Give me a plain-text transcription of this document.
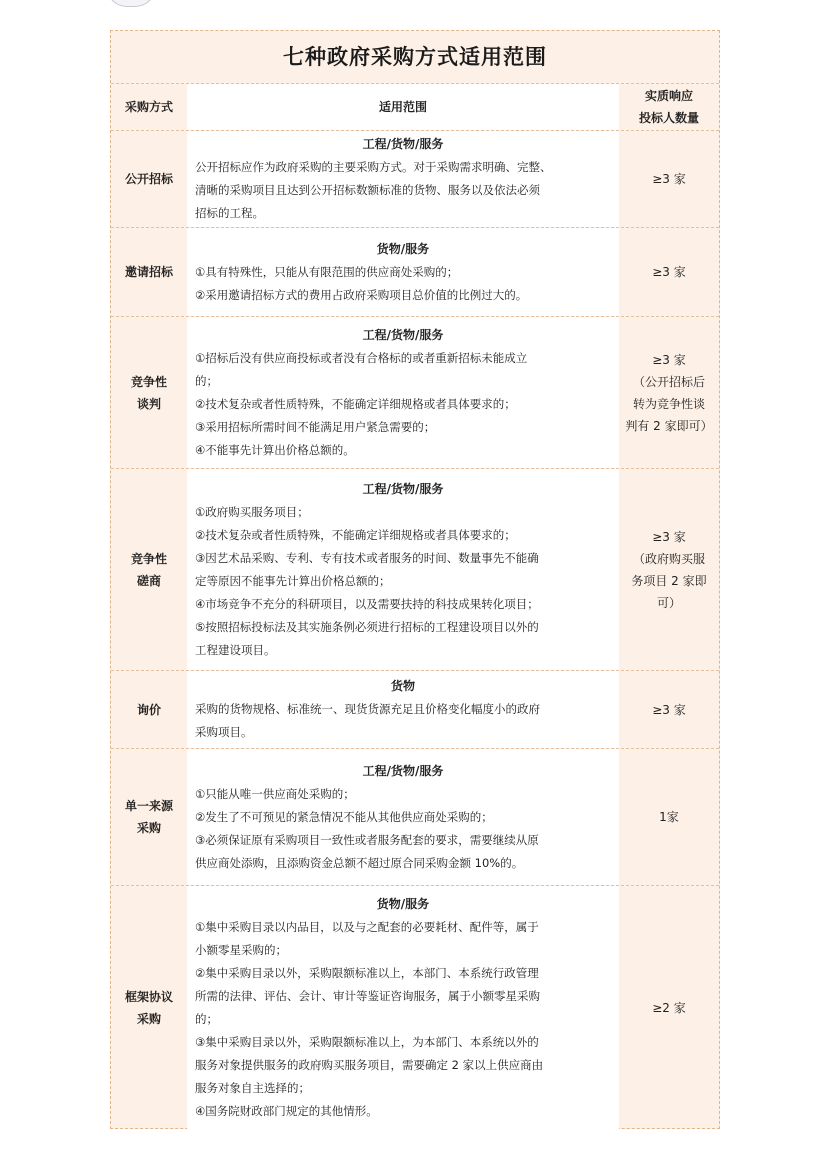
七种政府采购方式适用范围
采购方式	适用范围
实质响应
投标人数量
公开招标
工程/货物/服务
公开招标应作为政府采购的主要采购方式。对于采购需求明确、完整、
清晰的采购项目且达到公开招标数额标准的货物、服务以及依法必须
招标的工程。
≥3 家
邀请招标
货物/服务
①具有特殊性，只能从有限范围的供应商处采购的；
②采用邀请招标方式的费用占政府采购项目总价值的比例过大的。
≥3 家
竞争性
谈判
工程/货物/服务
①招标后没有供应商投标或者没有合格标的或者重新招标未能成立
的；
②技术复杂或者性质特殊，不能确定详细规格或者具体要求的；
③采用招标所需时间不能满足用户紧急需要的；
④不能事先计算出价格总额的。
≥3 家
（公开招标后
转为竞争性谈
判有 2 家即可）
竞争性
磋商
工程/货物/服务
①政府购买服务项目；
②技术复杂或者性质特殊，不能确定详细规格或者具体要求的；
③因艺术品采购、专利、专有技术或者服务的时间、数量事先不能确
定等原因不能事先计算出价格总额的；
④市场竞争不充分的科研项目，以及需要扶持的科技成果转化项目；
⑤按照招标投标法及其实施条例必须进行招标的工程建设项目以外的
工程建设项目。
≥3 家
（政府购买服
务项目 2 家即
可）
询价
货物
采购的货物规格、标准统一、现货货源充足且价格变化幅度小的政府
采购项目。
≥3 家
单一来源
采购
工程/货物/服务
①只能从唯一供应商处采购的；
②发生了不可预见的紧急情况不能从其他供应商处采购的；
③必须保证原有采购项目一致性或者服务配套的要求，需要继续从原
供应商处添购，且添购资金总额不超过原合同采购金额 10%的。
1家
框架协议
采购
货物/服务
①集中采购目录以内品目，以及与之配套的必要耗材、配件等，属于
小额零星采购的；
②集中采购目录以外，采购限额标准以上，本部门、本系统行政管理
所需的法律、评估、会计、审计等鉴证咨询服务，属于小额零星采购
的；
③集中采购目录以外，采购限额标准以上，为本部门、本系统以外的
服务对象提供服务的政府购买服务项目，需要确定 2 家以上供应商由
服务对象自主选择的；
④国务院财政部门规定的其他情形。
≥2 家
